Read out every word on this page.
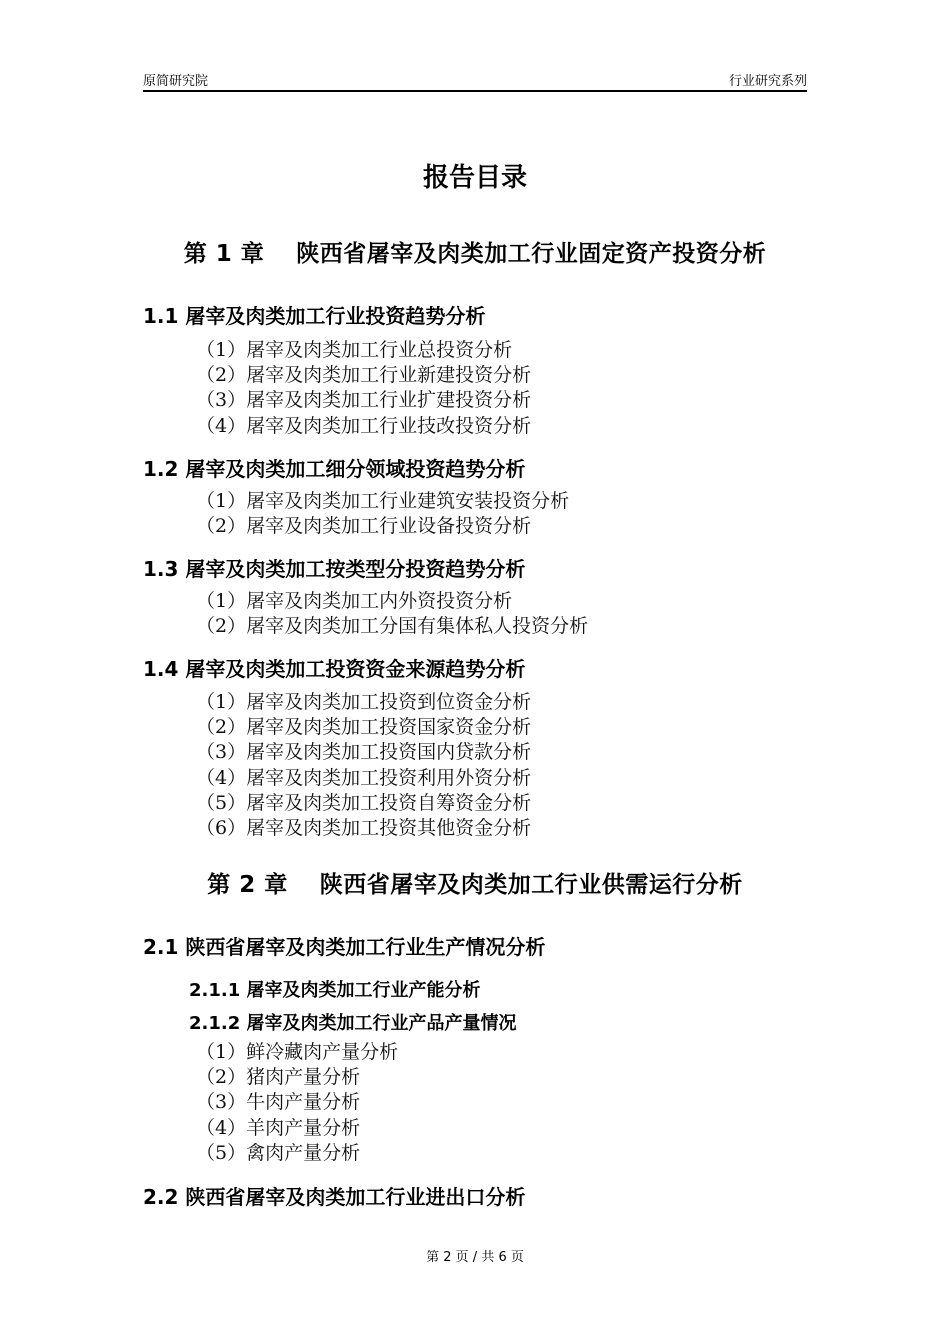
原简研究院	行业研究系列
报告目录
第 1 章　 陕西省屠宰及肉类加工行业固定资产投资分析
1.1 屠宰及肉类加工行业投资趋势分析
（1）屠宰及肉类加工行业总投资分析
（2）屠宰及肉类加工行业新建投资分析
（3）屠宰及肉类加工行业扩建投资分析
（4）屠宰及肉类加工行业技改投资分析
1.2 屠宰及肉类加工细分领域投资趋势分析
（1）屠宰及肉类加工行业建筑安装投资分析
（2）屠宰及肉类加工行业设备投资分析
1.3 屠宰及肉类加工按类型分投资趋势分析
（1）屠宰及肉类加工内外资投资分析
（2）屠宰及肉类加工分国有集体私人投资分析
1.4 屠宰及肉类加工投资资金来源趋势分析
（1）屠宰及肉类加工投资到位资金分析
（2）屠宰及肉类加工投资国家资金分析
（3）屠宰及肉类加工投资国内贷款分析
（4）屠宰及肉类加工投资利用外资分析
（5）屠宰及肉类加工投资自筹资金分析
（6）屠宰及肉类加工投资其他资金分析
第 2 章　 陕西省屠宰及肉类加工行业供需运行分析
2.1 陕西省屠宰及肉类加工行业生产情况分析
2.1.1 屠宰及肉类加工行业产能分析
2.1.2 屠宰及肉类加工行业产品产量情况
（1）鲜冷藏肉产量分析
（2）猪肉产量分析
（3）牛肉产量分析
（4）羊肉产量分析
（5）禽肉产量分析
2.2 陕西省屠宰及肉类加工行业进出口分析
第 2 页 / 共 6 页
